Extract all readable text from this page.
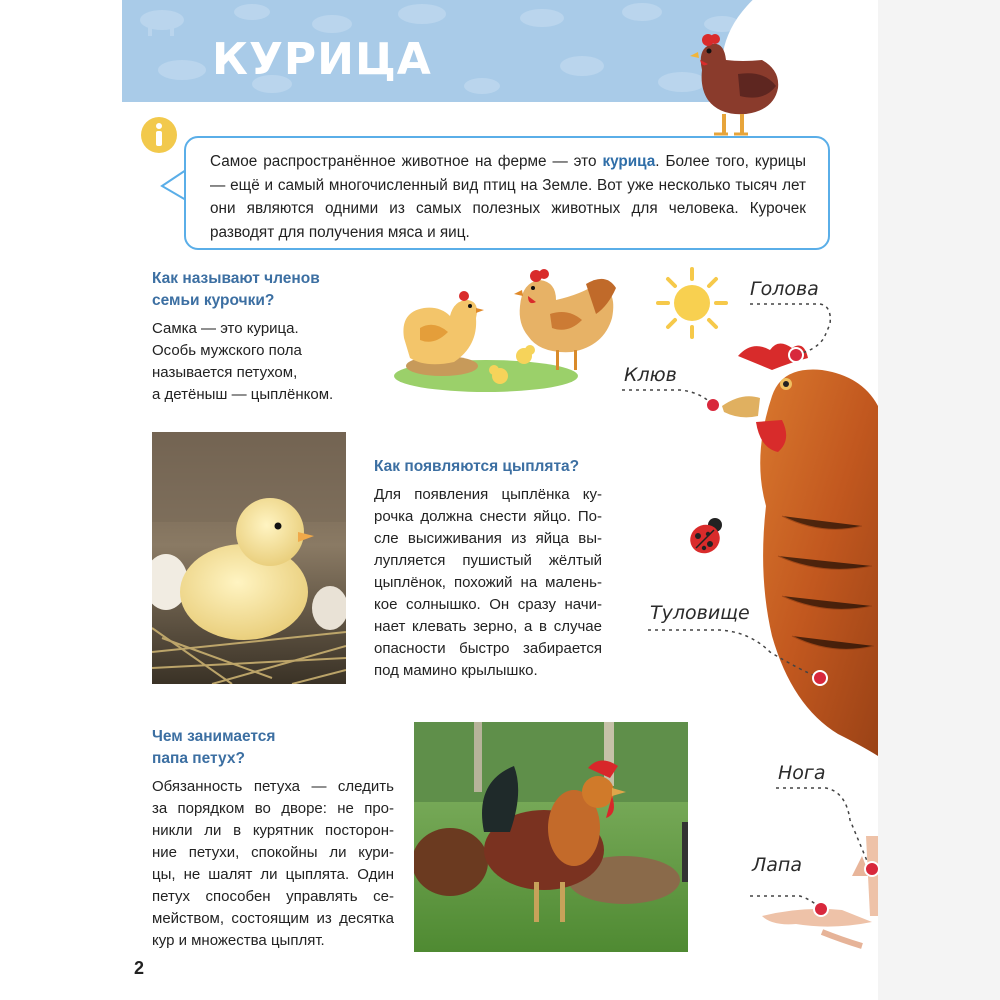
КУРИЦА
Самое распространённое животное на ферме — это курица. Более того, курицы — ещё и самый многочисленный вид птиц на Земле. Вот уже несколько тысяч лет они являются одними из самых полезных животных для человека. Курочек разводят для получения мяса и яиц.
Как называют членов
семьи курочки?
Самка — это курица.
Особь мужского пола
называется петухом,
а детёныш — цыплёнком.
Как появляются цыплята?
Для появления цыплёнка ку-
рочка должна снести яйцо. По-
сле высиживания из яйца вы-
лупляется пушистый жёлтый
цыплёнок, похожий на малень-
кое солнышко. Он сразу начи-
нает клевать зерно, а в случае
опасности быстро забирается
под мамино крылышко.
Чем занимается
папа петух?
Обязанность петуха — следить
за порядком во дворе: не про-
никли ли в курятник посторон-
ние петухи, спокойны ли кури-
цы, не шалят ли цыплята. Один
петух способен управлять се-
мейством, состоящим из десятка
кур и множества цыплят.
Голова
Клюв
Туловище
Нога
Лапа
2
